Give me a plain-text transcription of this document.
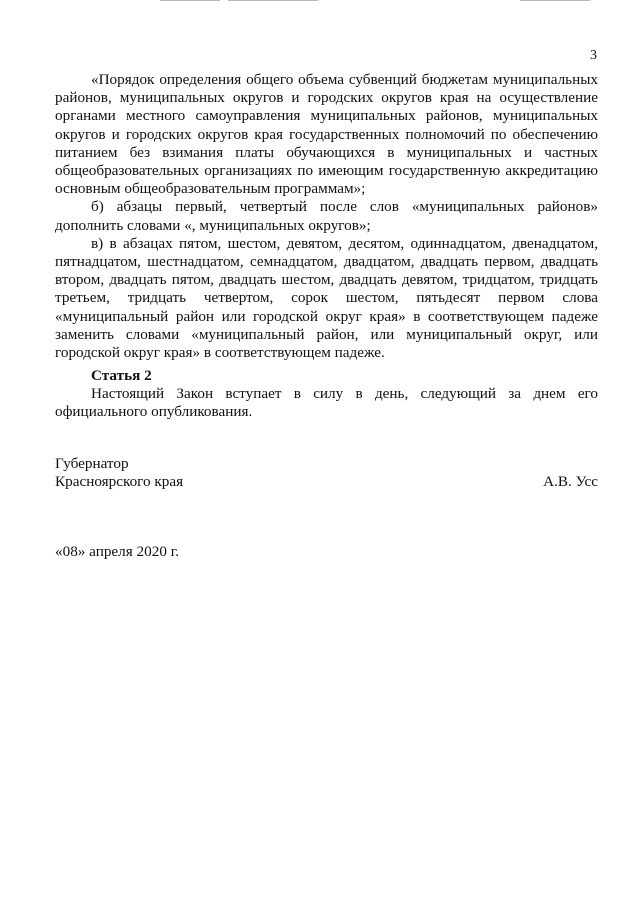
3

«Порядок определения общего объема субвенций бюджетам муниципальных районов, муниципальных округов и городских округов края на осуществление органами местного самоуправления муниципальных районов, муниципальных округов и городских округов края государственных полномочий по обеспечению питанием без взимания платы обучающихся в муниципальных и частных общеобразовательных организациях по имеющим государственную аккредитацию основным общеобразовательным программам»;

б) абзацы первый, четвертый после слов «муниципальных районов» дополнить словами «, муниципальных округов»;

в) в абзацах пятом, шестом, девятом, десятом, одиннадцатом, двенадцатом, пятнадцатом, шестнадцатом, семнадцатом, двадцатом, двадцать первом, двадцать втором, двадцать пятом, двадцать шестом, двадцать девятом, тридцатом, тридцать третьем, тридцать четвертом, сорок шестом, пятьдесят первом слова «муниципальный район или городской округ края» в соответствующем падеже заменить словами «муниципальный район, или муниципальный округ, или городской округ края» в соответствующем падеже.

Статья 2

Настоящий Закон вступает в силу в день, следующий за днем его официального опубликования.

Губернатор
Красноярского края	А.В. Усс
«08» апреля 2020 г.
